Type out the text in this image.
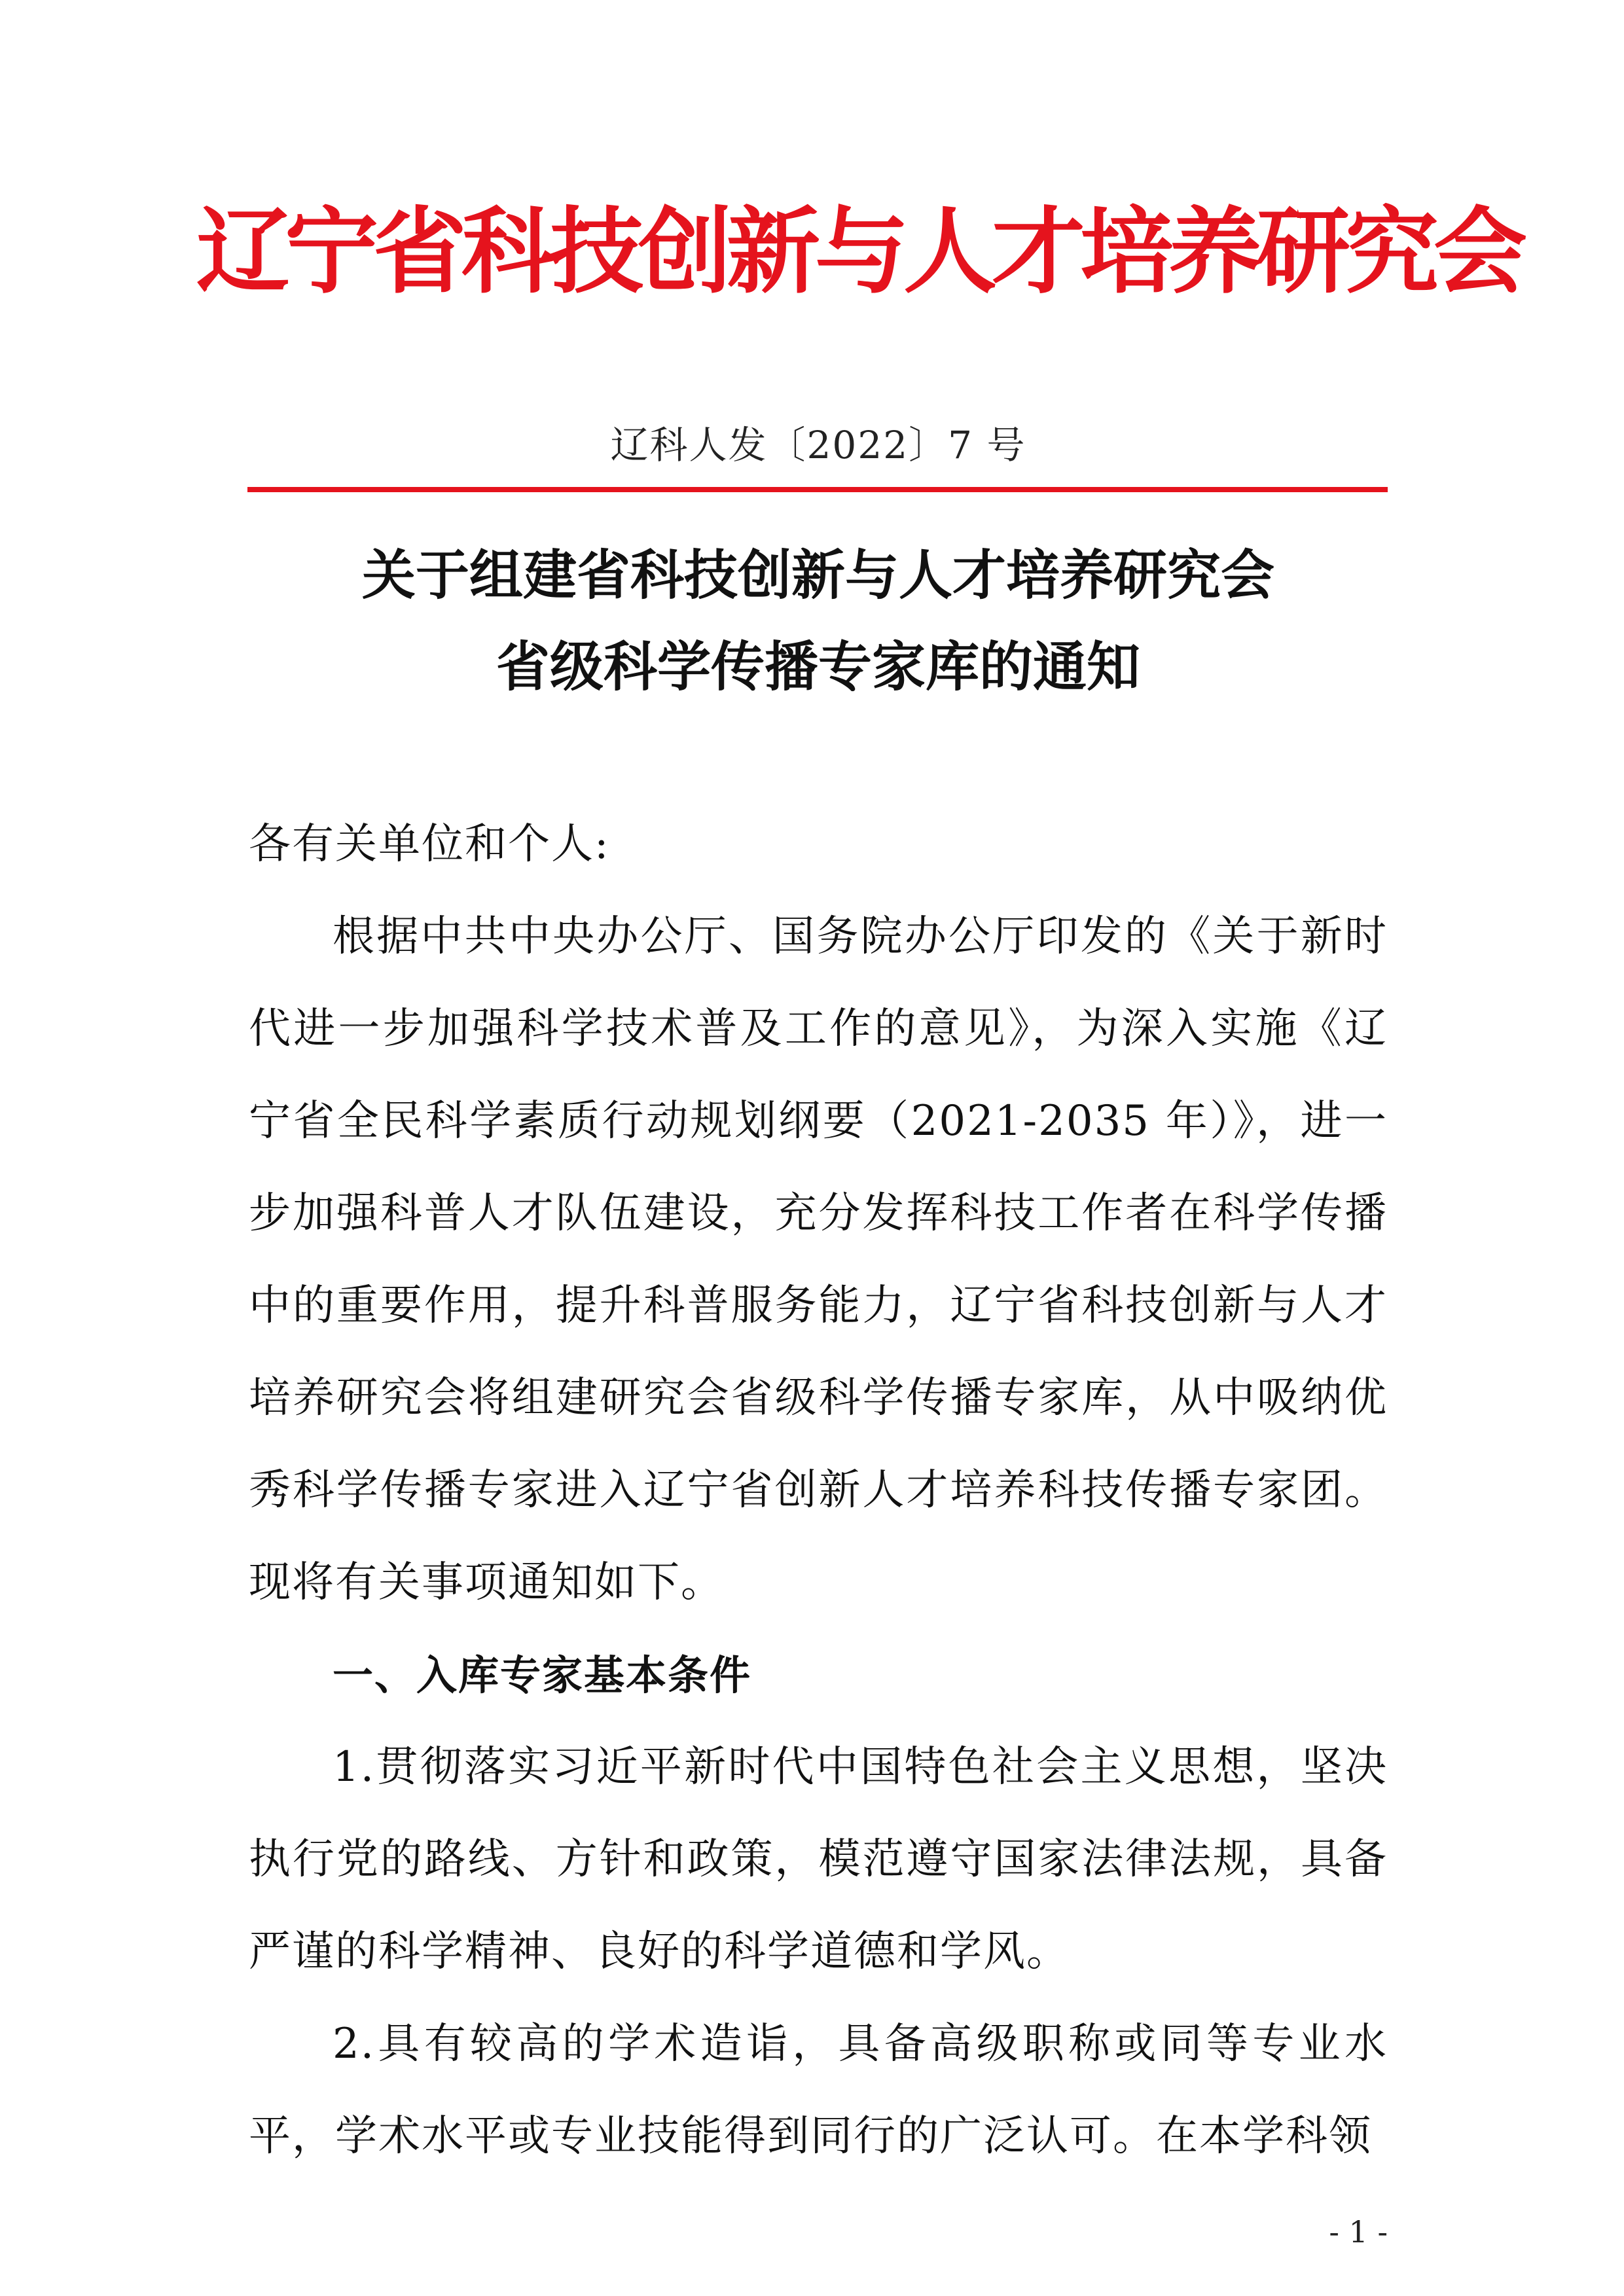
辽宁省科技创新与人才培养研究会
辽科人发〔2022〕7 号
关于组建省科技创新与人才培养研究会
省级科学传播专家库的通知

各有关单位和个人:

根据中共中央办公厅、国务院办公厅印发的《关于新时代进一步加强科学技术普及工作的意见》，为深入实施《辽宁省全民科学素质行动规划纲要（2021-2035 年）》，进一步加强科普人才队伍建设，充分发挥科技工作者在科学传播中的重要作用，提升科普服务能力，辽宁省科技创新与人才培养研究会将组建研究会省级科学传播专家库，从中吸纳优秀科学传播专家进入辽宁省创新人才培养科技传播专家团。现将有关事项通知如下。

一、入库专家基本条件

1.贯彻落实习近平新时代中国特色社会主义思想，坚决执行党的路线、方针和政策，模范遵守国家法律法规，具备严谨的科学精神、良好的科学道德和学风。

2.具有较高的学术造诣，具备高级职称或同等专业水平，学术水平或专业技能得到同行的广泛认可。在本学科领

- 1 -
